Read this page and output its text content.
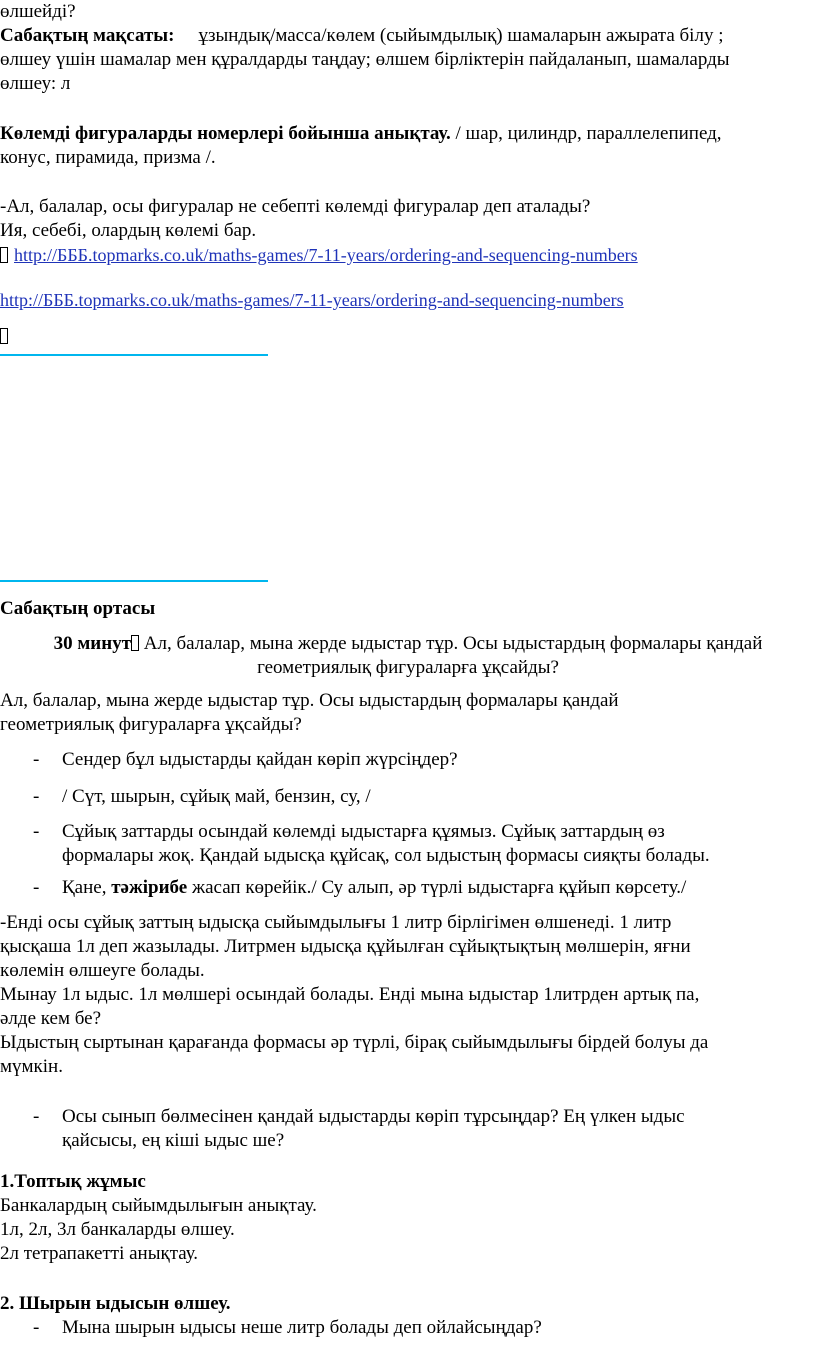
өлшейді?

Сабақтың мақсаты: ұзындық/масса/көлем (сыйымдылық) шамаларын ажырата білу ;
өлшеу үшін шамалар мен құралдарды таңдау; өлшем бірліктерін пайдаланып, шамаларды
өлшеу: л
Көлемді фигураларды номерлері бойынша анықтау. / шар, цилиндр, параллелепипед,
конус, пирамида, призма /.
-Ал, балалар, осы фигуралар не себепті көлемді фигуралар деп аталады?
Ия, себебі, олардың көлемі бар.
http://БББ.topmarks.co.uk/maths-games/7-11-years/ordering-and-sequencing-numbers
http://БББ.topmarks.co.uk/maths-games/7-11-years/ordering-and-sequencing-numbers
Сабақтың ортасы
30 минут Ал, балалар, мына жерде ыдыстар тұр. Осы ыдыстардың формалары қандай
геометриялық фигураларға ұқсайды?
Ал, балалар, мына жерде ыдыстар тұр. Осы ыдыстардың формалары қандай
геометриялық фигураларға ұқсайды?
- Сендер бұл ыдыстарды қайдан көріп жүрсіңдер?
- / Сүт, шырын, сұйық май, бензин, су, /
- Сұйық заттарды осындай көлемді ыдыстарға құямыз. Сұйық заттардың өз
формалары жоқ. Қандай ыдысқа құйсақ, сол ыдыстың формасы сияқты болады.
- Қане, тәжірибе жасап көрейік./ Су алып, әр түрлі ыдыстарға құйып көрсету./
-Енді осы сұйық заттың ыдысқа сыйымдылығы 1 литр бірлігімен өлшенеді. 1 литр
қысқаша 1л деп жазылады. Литрмен ыдысқа құйылған сұйықтықтың мөлшерін, яғни
көлемін өлшеуге болады.
Мынау 1л ыдыс. 1л мөлшері осындай болады. Енді мына ыдыстар 1литрден артық па,
әлде кем бе?
Ыдыстың сыртынан қарағанда формасы әр түрлі, бірақ сыйымдылығы бірдей болуы да
мүмкін.
- Осы сынып бөлмесінен қандай ыдыстарды көріп тұрсыңдар? Ең үлкен ыдыс
қайсысы, ең кіші ыдыс ше?
1.Топтық жұмыс
Банкалардың сыйымдылығын анықтау.
1л, 2л, 3л банкаларды өлшеу.
2л тетрапакетті анықтау.
2. Шырын ыдысын өлшеу.
- Мына шырын ыдысы неше литр болады деп ойлайсыңдар?
